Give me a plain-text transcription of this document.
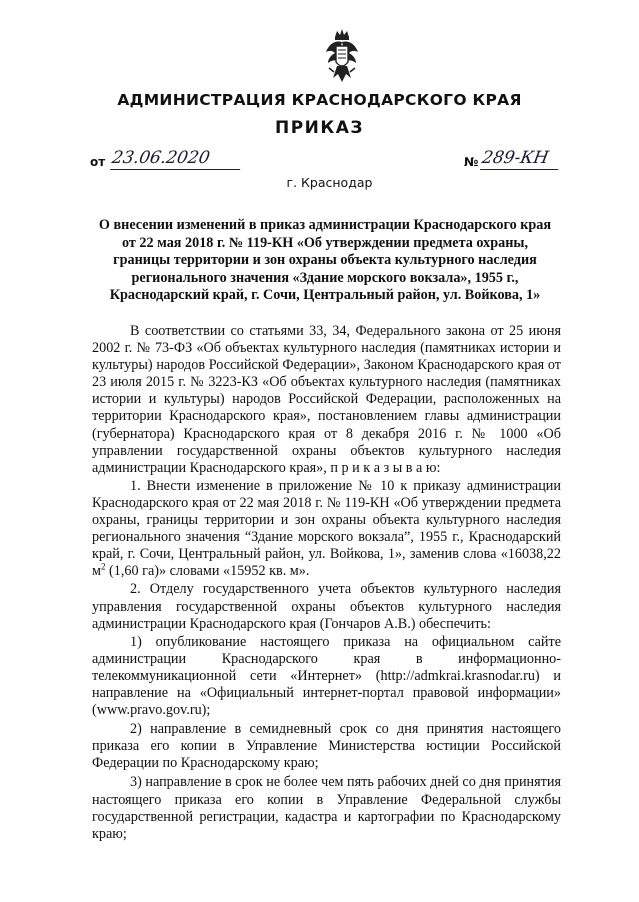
АДМИНИСТРАЦИЯ КРАСНОДАРСКОГО КРАЯ
ПРИКАЗ
от 23.06.2020	№ 289-КН
г. Краснодар
О внесении изменений в приказ администрации Краснодарского края от 22 мая 2018 г. № 119-КН «Об утверждении предмета охраны, границы территории и зон охраны объекта культурного наследия регионального значения «Здание морского вокзала», 1955 г., Краснодарский край, г. Сочи, Центральный район, ул. Войкова, 1»

В соответствии со статьями 33, 34, Федерального закона от 25 июня 2002 г. № 73-ФЗ «Об объектах культурного наследия (памятниках истории и культуры) народов Российской Федерации», Законом Краснодарского края от 23 июля 2015 г. № 3223-КЗ «Об объектах культурного наследия (памятниках истории и культуры) народов Российской Федерации, расположенных на территории Краснодарского края», постановлением главы администрации (губернатора) Краснодарского края от 8 декабря 2016 г. № 1000 «Об управлении государственной охраны объектов культурного наследия администрации Краснодарского края», п р и к а з ы в а ю:

1. Внести изменение в приложение № 10 к приказу администрации Краснодарского края от 22 мая 2018 г. № 119-КН «Об утверждении предмета охраны, границы территории и зон охраны объекта культурного наследия регионального значения “Здание морского вокзала”, 1955 г., Краснодарский край, г. Сочи, Центральный район, ул. Войкова, 1», заменив слова «16038,22 $м^2$ (1,60 га)» словами «15952 кв. м».

2. Отделу государственного учета объектов культурного наследия управления государственной охраны объектов культурного наследия администрации Краснодарского края (Гончаров А.В.) обеспечить:

1) опубликование настоящего приказа на официальном сайте администрации Краснодарского края в информационно-телекоммуникационной сети «Интернет» (http://admkrai.krasnodar.ru) и направление на «Официальный интернет-портал правовой информации» (www.pravo.gov.ru);

2) направление в семидневный срок со дня принятия настоящего приказа его копии в Управление Министерства юстиции Российской Федерации по Краснодарскому краю;

3) направление в срок не более чем пять рабочих дней со дня принятия настоящего приказа его копии в Управление Федеральной службы государственной регистрации, кадастра и картографии по Краснодарскому краю;
